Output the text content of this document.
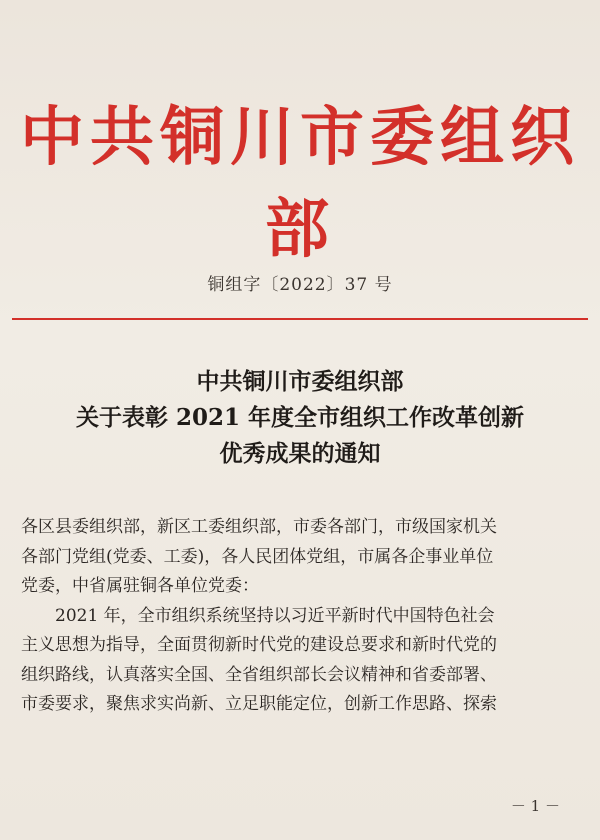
中共铜川市委组织部
铜组字〔2022〕37 号
中共铜川市委组织部
关于表彰 2021 年度全市组织工作改革创新
优秀成果的通知
各区县委组织部，新区工委组织部，市委各部门，市级国家机关
各部门党组(党委、工委)，各人民团体党组，市属各企事业单位
党委，中省属驻铜各单位党委：
　　2021 年，全市组织系统坚持以习近平新时代中国特色社会
主义思想为指导，全面贯彻新时代党的建设总要求和新时代党的
组织路线，认真落实全国、全省组织部长会议精神和省委部署、
市委要求，聚焦求实尚新、立足职能定位，创新工作思路、探索
－ 1 －
